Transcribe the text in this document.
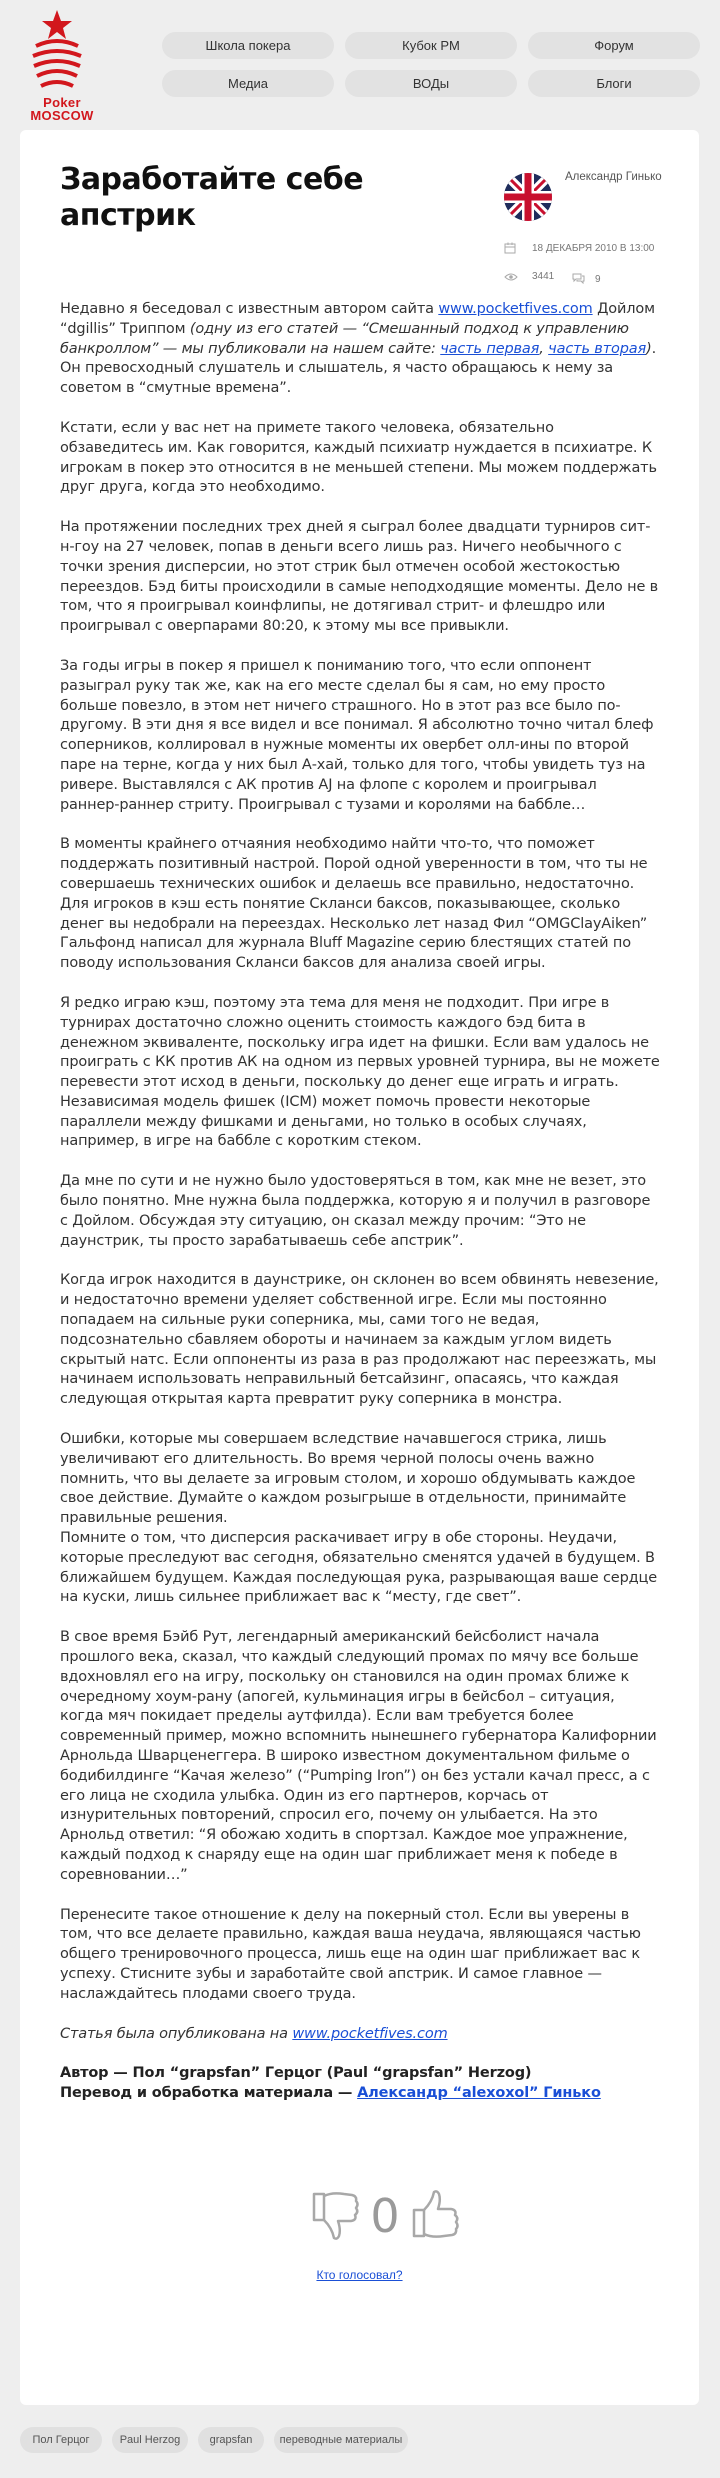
Poker
MOSCOW
Школа покера	Кубок PM	Форум
Медиа	ВОДы	Блоги
Заработайте себе апстрик
Александр Гинько
18 ДЕКАБРЯ 2010 В 13:00
3441	9

Недавно я беседовал с известным автором сайта www.pocketfives.com Дойлом “dgillis” Триппом (одну из его статей — “Смешанный подход к управлению банкроллом” — мы публиковали на нашем сайте: часть первая, часть вторая). Он превосходный слушатель и слышатель, я часто обращаюсь к нему за советом в “смутные времена”.

Кстати, если у вас нет на примете такого человека, обязательно обзаведитесь им. Как говорится, каждый психиатр нуждается в психиатре. К игрокам в покер это относится в не меньшей степени. Мы можем поддержать друг друга, когда это необходимо.

На протяжении последних трех дней я сыграл более двадцати турниров сит-н-гоу на 27 человек, попав в деньги всего лишь раз. Ничего необычного с точки зрения дисперсии, но этот стрик был отмечен особой жестокостью переездов. Бэд биты происходили в самые неподходящие моменты. Дело не в том, что я проигрывал коинфлипы, не дотягивал стрит- и флешдро или проигрывал с оверпарами 80:20, к этому мы все привыкли.

За годы игры в покер я пришел к пониманию того, что если оппонент разыграл руку так же, как на его месте сделал бы я сам, но ему просто больше повезло, в этом нет ничего страшного. Но в этот раз все было по-другому. В эти дня я все видел и все понимал. Я абсолютно точно читал блеф соперников, коллировал в нужные моменты их овербет олл-ины по второй паре на терне, когда у них был А-хай, только для того, чтобы увидеть туз на ривере. Выставлялся с АК против AJ на флопе с королем и проигрывал раннер-раннер стриту. Проигрывал с тузами и королями на баббле…

В моменты крайнего отчаяния необходимо найти что-то, что поможет поддержать позитивный настрой. Порой одной уверенности в том, что ты не совершаешь технических ошибок и делаешь все правильно, недостаточно. Для игроков в кэш есть понятие Скланси баксов, показывающее, сколько денег вы недобрали на переездах. Несколько лет назад Фил “OMGClayAiken” Гальфонд написал для журнала Bluff Magazine серию блестящих статей по поводу использования Скланси баксов для анализа своей игры.

Я редко играю кэш, поэтому эта тема для меня не подходит. При игре в турнирах достаточно сложно оценить стоимость каждого бэд бита в денежном эквиваленте, поскольку игра идет на фишки. Если вам удалось не проиграть с КК против АК на одном из первых уровней турнира, вы не можете перевести этот исход в деньги, поскольку до денег еще играть и играть. Независимая модель фишек (ICM) может помочь провести некоторые параллели между фишками и деньгами, но только в особых случаях, например, в игре на баббле с коротким стеком.

Да мне по сути и не нужно было удостоверяться в том, как мне не везет, это было понятно. Мне нужна была поддержка, которую я и получил в разговоре с Дойлом. Обсуждая эту ситуацию, он сказал между прочим: “Это не даунстрик, ты просто зарабатываешь себе апстрик”.

Когда игрок находится в даунстрике, он склонен во всем обвинять невезение, и недостаточно времени уделяет собственной игре. Если мы постоянно попадаем на сильные руки соперника, мы, сами того не ведая, подсознательно сбавляем обороты и начинаем за каждым углом видеть скрытый натс. Если оппоненты из раза в раз продолжают нас переезжать, мы начинаем использовать неправильный бетсайзинг, опасаясь, что каждая следующая открытая карта превратит руку соперника в монстра.

Ошибки, которые мы совершаем вследствие начавшегося стрика, лишь увеличивают его длительность. Во время черной полосы очень важно помнить, что вы делаете за игровым столом, и хорошо обдумывать каждое свое действие. Думайте о каждом розыгрыше в отдельности, принимайте правильные решения.
Помните о том, что дисперсия раскачивает игру в обе стороны. Неудачи, которые преследуют вас сегодня, обязательно сменятся удачей в будущем. В ближайшем будущем. Каждая последующая рука, разрывающая ваше сердце на куски, лишь сильнее приближает вас к “месту, где свет”.

В свое время Бэйб Рут, легендарный американский бейсболист начала прошлого века, сказал, что каждый следующий промах по мячу все больше вдохновлял его на игру, поскольку он становился на один промах ближе к очередному хоум-рану (апогей, кульминация игры в бейсбол – ситуация, когда мяч покидает пределы аутфилда). Если вам требуется более современный пример, можно вспомнить нынешнего губернатора Калифорнии Арнольда Шварценеггера. В широко известном документальном фильме о бодибилдинге “Качая железо” (“Pumping Iron”) он без устали качал пресс, а с его лица не сходила улыбка. Один из его партнеров, корчась от изнурительных повторений, спросил его, почему он улыбается. На это Арнольд ответил: “Я обожаю ходить в спортзал. Каждое мое упражнение, каждый подход к снаряду еще на один шаг приближает меня к победе в соревновании…”

Перенесите такое отношение к делу на покерный стол. Если вы уверены в том, что все делаете правильно, каждая ваша неудача, являющаяся частью общего тренировочного процесса, лишь еще на один шаг приближает вас к успеху. Стисните зубы и заработайте свой апстрик. И самое главное — наслаждайтесь плодами своего труда.

Статья была опубликована на www.pocketfives.com

Автор — Пол “grapsfan” Герцог (Paul “grapsfan” Herzog)
Перевод и обработка материала — Александр “alexoxol” Гинько

0
Кто голосовал?
Пол Герцог	Paul Herzog	grapsfan	переводные материалы
